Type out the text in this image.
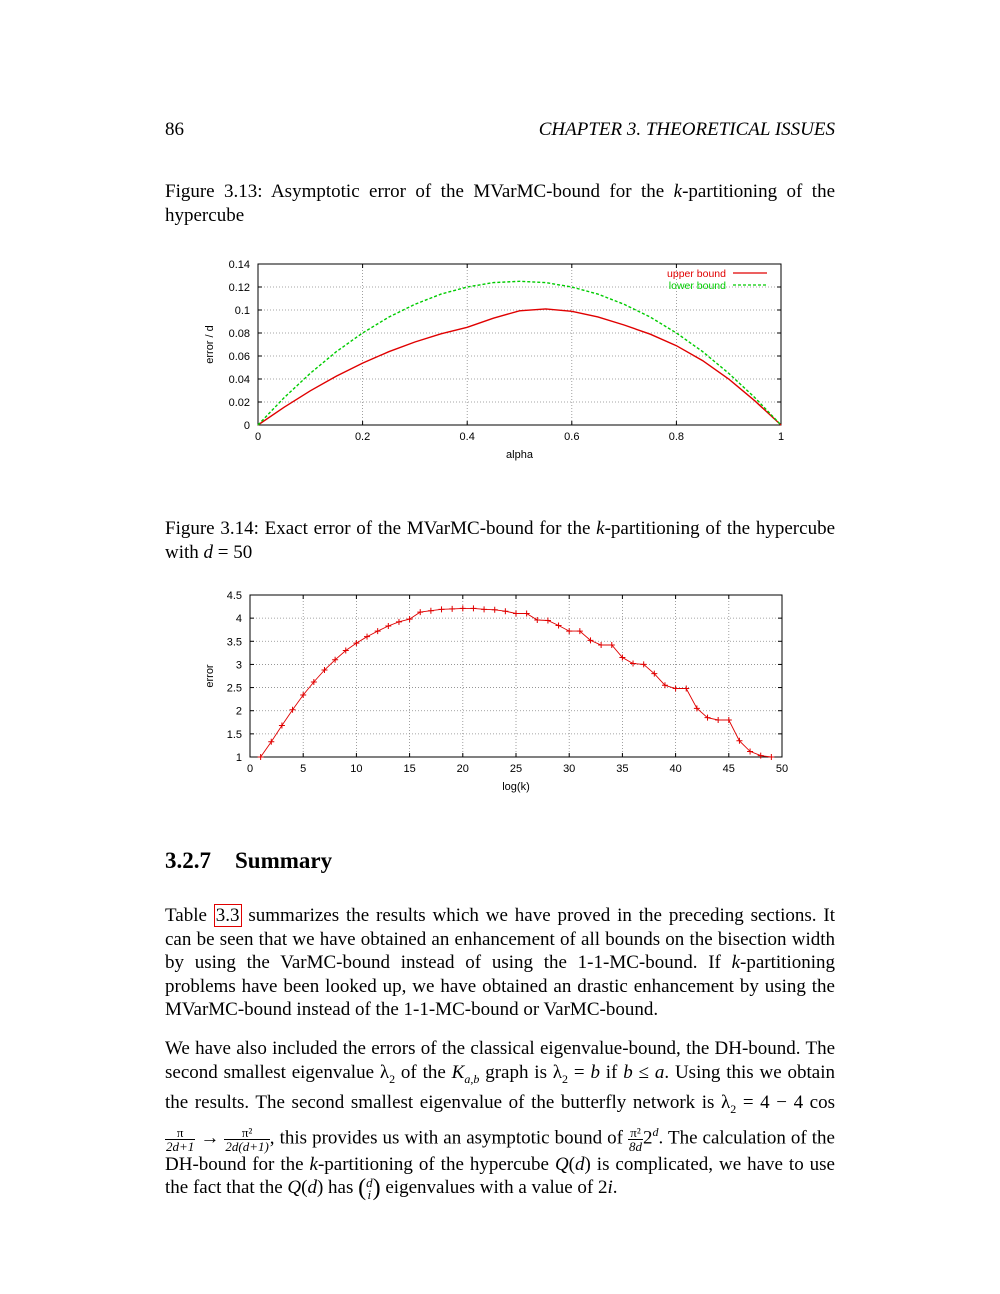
86	CHAPTER 3. THEORETICAL ISSUES
Figure 3.13: Asymptotic error of the MVarMC-bound for the k-partitioning of the hypercube
0	0.2	0.4	0.6	0.8	1
0
0.02
0.04
0.06
0.08
0.1
0.12
0.14
alpha
error / d
upper bound
lower bound
Figure 3.14: Exact error of the MVarMC-bound for the k-partitioning of the hypercube with d = 50
0	5	10	15	20	25	30	35	40	45	50
1
1.5
2
2.5
3
3.5
4
4.5
log(k)
error
3.2.7 Summary
Table 3.3 summarizes the results which we have proved in the preceding sections. It can be seen that we have obtained an enhancement of all bounds on the bisection width by using the VarMC-bound instead of using the 1-1-MC-bound. If k-partitioning problems have been looked up, we have obtained an drastic enhancement by using the MVarMC-bound instead of the 1-1-MC-bound or VarMC-bound.
We have also included the errors of the classical eigenvalue-bound, the DH-bound. The second smallest eigenvalue $\lambda_2$ of the $K_{a,b}$ graph is $\lambda_2 = b$ if b ≤ a. Using this we obtain the results. The second smallest eigenvalue of the butterfly network is $\lambda_2 = 4 - 4$ cos
$\frac{\pi}{2d+1} \to \frac{\text{π²}}{2d(d+1)}$ , this provides us with an asymptotic bound of $\frac{\text{π²}}{8d} 2^d$. The calculation of the DH-bound for the k-partitioning of the hypercube Q(d) is complicated, we have to use the fact that the Q(d) has ( d
i ) eigenvalues with a value of 2i.
